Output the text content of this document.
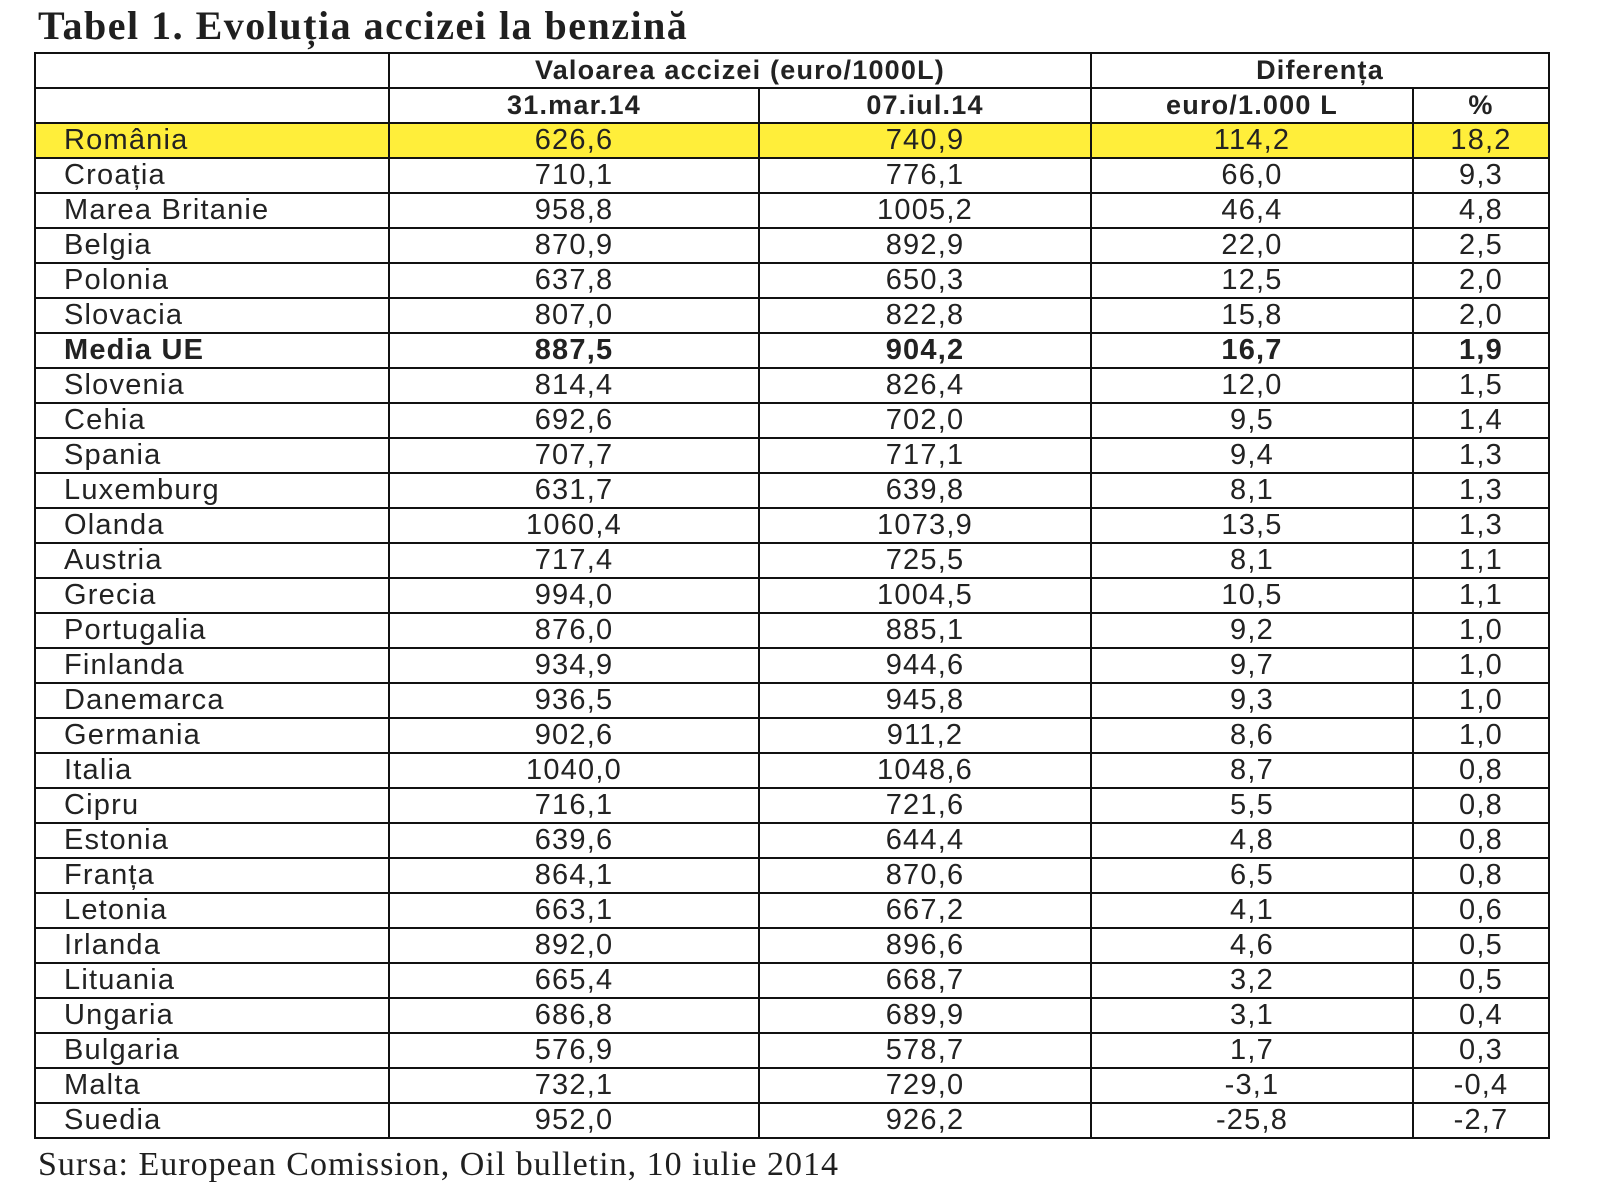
Tabel 1. Evoluția accizei la benzină
	Valoarea accizei (euro/1000L)		Diferența	
	31.mar.14	07.iul.14	euro/1.000 L	%
România	626,6	740,9	114,2	18,2
Croația	710,1	776,1	66,0	9,3
Marea Britanie	958,8	1005,2	46,4	4,8
Belgia	870,9	892,9	22,0	2,5
Polonia	637,8	650,3	12,5	2,0
Slovacia	807,0	822,8	15,8	2,0
Media UE	887,5	904,2	16,7	1,9
Slovenia	814,4	826,4	12,0	1,5
Cehia	692,6	702,0	9,5	1,4
Spania	707,7	717,1	9,4	1,3
Luxemburg	631,7	639,8	8,1	1,3
Olanda	1060,4	1073,9	13,5	1,3
Austria	717,4	725,5	8,1	1,1
Grecia	994,0	1004,5	10,5	1,1
Portugalia	876,0	885,1	9,2	1,0
Finlanda	934,9	944,6	9,7	1,0
Danemarca	936,5	945,8	9,3	1,0
Germania	902,6	911,2	8,6	1,0
Italia	1040,0	1048,6	8,7	0,8
Cipru	716,1	721,6	5,5	0,8
Estonia	639,6	644,4	4,8	0,8
Franța	864,1	870,6	6,5	0,8
Letonia	663,1	667,2	4,1	0,6
Irlanda	892,0	896,6	4,6	0,5
Lituania	665,4	668,7	3,2	0,5
Ungaria	686,8	689,9	3,1	0,4
Bulgaria	576,9	578,7	1,7	0,3
Malta	732,1	729,0	-3,1	-0,4
Suedia	952,0	926,2	-25,8	-2,7
Sursa: European Comission, Oil bulletin, 10 iulie 2014
